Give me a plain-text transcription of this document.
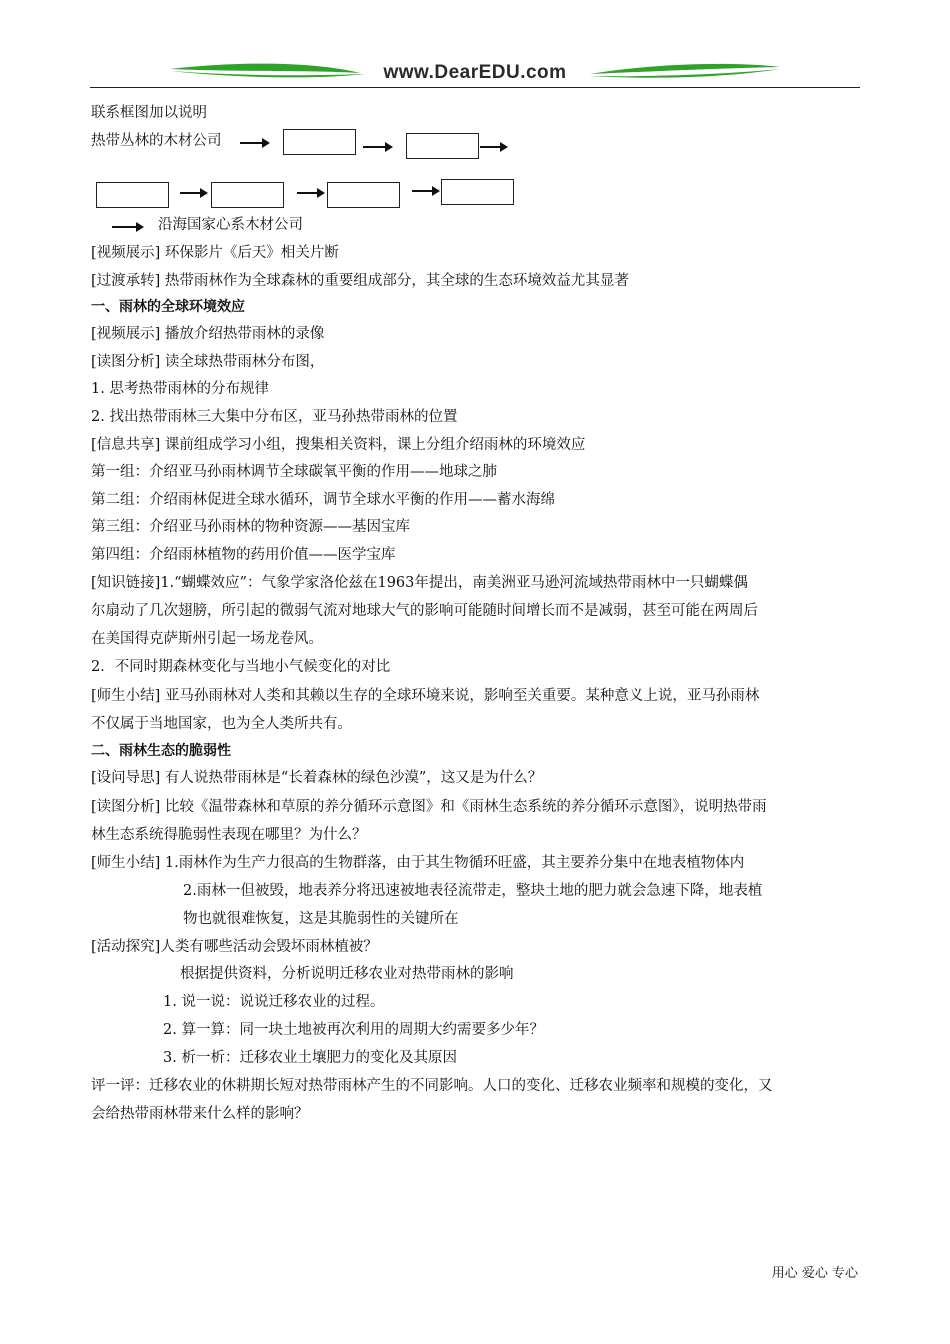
www.DearEDU.com
联系框图加以说明
热带丛林的木材公司
沿海国家心系木材公司
[视频展示] 环保影片《后天》相关片断
[过渡承转] 热带雨林作为全球森林的重要组成部分，其全球的生态环境效益尤其显著
一、雨林的全球环境效应
[视频展示] 播放介绍热带雨林的录像
[读图分析] 读全球热带雨林分布图，
1. 思考热带雨林的分布规律
2. 找出热带雨林三大集中分布区，亚马孙热带雨林的位置
[信息共享] 课前组成学习小组，搜集相关资料，课上分组介绍雨林的环境效应
第一组：介绍亚马孙雨林调节全球碳氧平衡的作用——地球之肺
第二组：介绍雨林促进全球水循环，调节全球水平衡的作用——蓄水海绵
第三组：介绍亚马孙雨林的物种资源——基因宝库
第四组：介绍雨林植物的药用价值——医学宝库
[知识链接]1.“蝴蝶效应”：气象学家洛伦兹在1963年提出，南美洲亚马逊河流域热带雨林中一只蝴蝶偶
尔扇动了几次翅膀，所引起的微弱气流对地球大气的影响可能随时间增长而不是减弱，甚至可能在两周后
在美国得克萨斯州引起一场龙卷风。
2．不同时期森林变化与当地小气候变化的对比
[师生小结] 亚马孙雨林对人类和其赖以生存的全球环境来说，影响至关重要。某种意义上说，亚马孙雨林
不仅属于当地国家，也为全人类所共有。
二、雨林生态的脆弱性
[设问导思] 有人说热带雨林是“长着森林的绿色沙漠”，这又是为什么？
[读图分析] 比较《温带森林和草原的养分循环示意图》和《雨林生态系统的养分循环示意图》，说明热带雨
林生态系统得脆弱性表现在哪里？为什么？
[师生小结] 1.雨林作为生产力很高的生物群落，由于其生物循环旺盛，其主要养分集中在地表植物体内
2.雨林一但被毁，地表养分将迅速被地表径流带走，整块土地的肥力就会急速下降，地表植
物也就很难恢复，这是其脆弱性的关键所在
[活动探究]人类有哪些活动会毁坏雨林植被？
根据提供资料，分析说明迁移农业对热带雨林的影响
1. 说一说：说说迁移农业的过程。
2. 算一算：同一块土地被再次利用的周期大约需要多少年？
3. 析一析：迁移农业土壤肥力的变化及其原因
评一评：迁移农业的休耕期长短对热带雨林产生的不同影响。人口的变化、迁移农业频率和规模的变化，又
会给热带雨林带来什么样的影响？
用心 爱心 专心
